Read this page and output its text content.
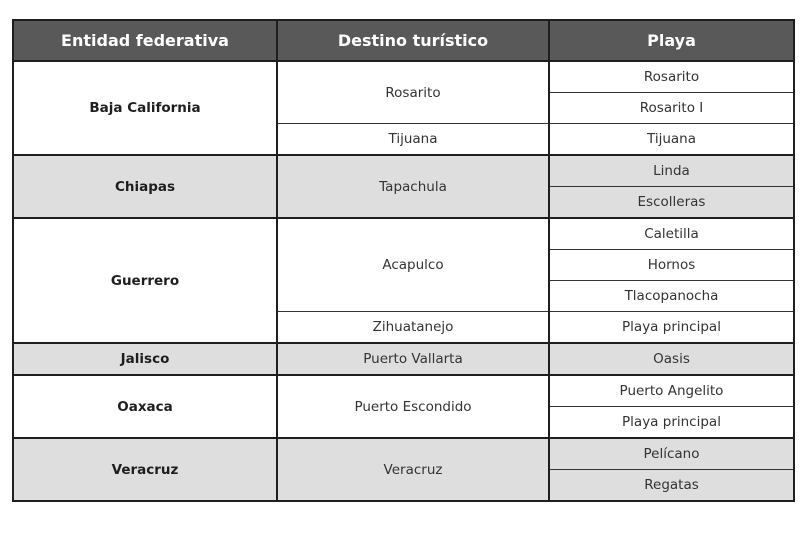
Entidad federativa	Destino turístico	Playa
Baja California	Rosarito	Rosarito
		Rosarito I
	Tijuana	Tijuana
Chiapas	Tapachula	Linda
		Escolleras
Guerrero	Acapulco	Caletilla
		Hornos
		Tlacopanocha
	Zihuatanejo	Playa principal
Jalisco	Puerto Vallarta	Oasis
Oaxaca	Puerto Escondido	Puerto Angelito
		Playa principal
Veracruz	Veracruz	Pelícano
		Regatas
